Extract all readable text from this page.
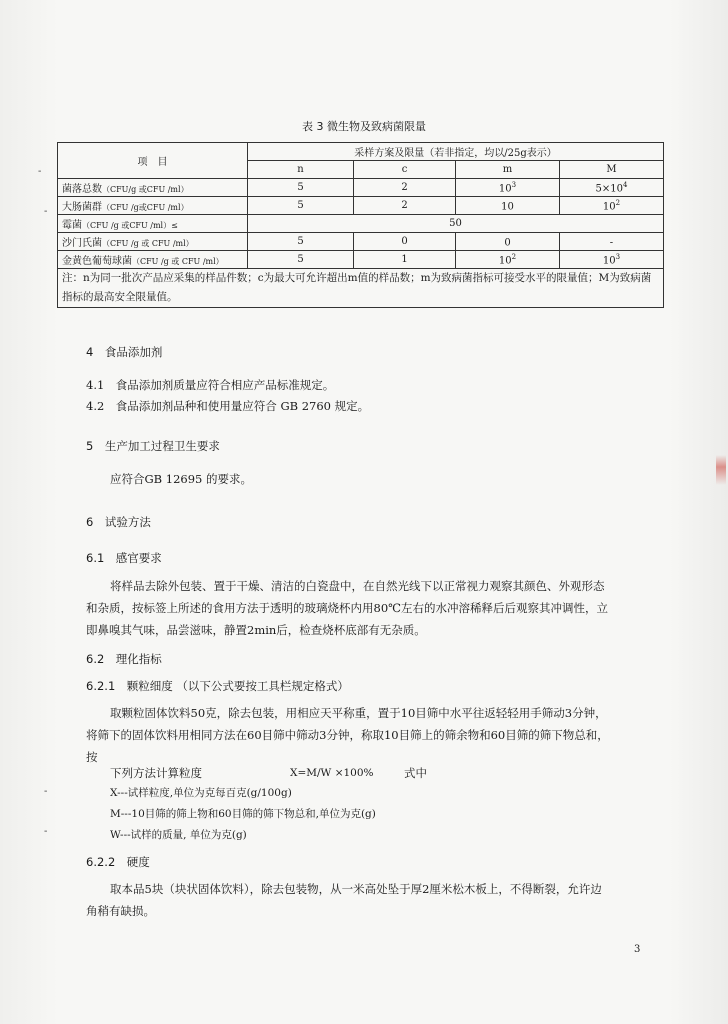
表 3 微生物及致病菌限量
项　目	采样方案及限量（若非指定，均以/25g表示）			
	n	c	m	M
菌落总数（CFU/g 或CFU /ml）	5	2	$10^3$	$5\times 10^4$
大肠菌群（CFU /g或CFU /ml）	5	2	10	$10^2$
霉菌（CFU /g 或CFU /ml）≤	50			
沙门氏菌（CFU /g 或 CFU /ml）	5	0	0	-
金黄色葡萄球菌（CFU /g 或 CFU /ml）	5	1	$10^2$	$10^3$
注：n为同一批次产品应采集的样品件数；c为最大可允许超出m值的样品数；m为致病菌指标可接受水平的限量值；M为致病菌指标的最高安全限量值。				
-
-
4　食品添加剂
4.1　食品添加剂质量应符合相应产品标准规定。
4.2　食品添加剂品种和使用量应符合 GB 2760 规定。
5　生产加工过程卫生要求
应符合GB 12695 的要求。
6　试验方法
6.1　感官要求
将样品去除外包装、置于干燥、清洁的白瓷盘中，在自然光线下以正常视力观察其颜色、外观形态
和杂质，按标签上所述的食用方法于透明的玻璃烧杯内用80℃左右的水冲溶稀释后后观察其冲调性，立
即鼻嗅其气味，品尝滋味，静置2min后，检查烧杯底部有无杂质。
6.2　理化指标
6.2.1　颗粒细度 （以下公式要按工具栏规定格式）
取颗粒固体饮料50克，除去包装，用相应天平称重，置于10目筛中水平往返轻轻用手筛动3分钟，
将筛下的固体饮料用相同方法在60目筛中筛动3分钟，称取10目筛上的筛余物和60目筛的筛下物总和，
按
下列方法计算粒度	X=M/W ×100%	式中
-	X---试样粒度,单位为克每百克(g/100g)
M---10目筛的筛上物和60目筛的筛下物总和,单位为克(g)
-	W---试样的质量, 单位为克(g)
6.2.2　硬度
取本品5块（块状固体饮料），除去包装物，从一米高处坠于厚2厘米松木板上，不得断裂，允许边
角稍有缺损。
3
